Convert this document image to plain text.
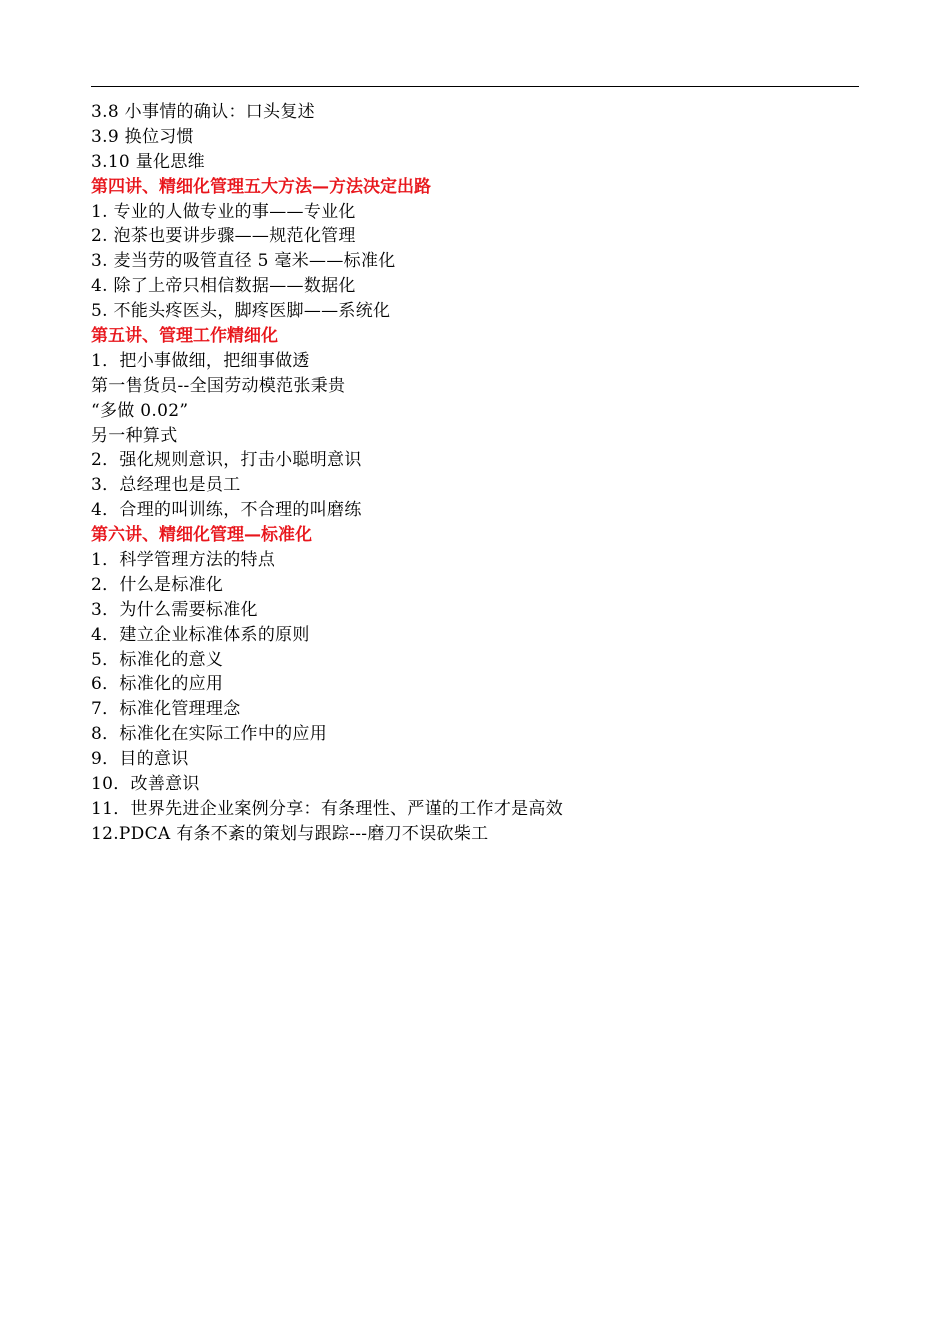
3.8 小事情的确认：口头复述
3.9 换位习惯
3.10 量化思维
第四讲、精细化管理五大方法—方法决定出路
1. 专业的人做专业的事——专业化
2. 泡茶也要讲步骤——规范化管理
3. 麦当劳的吸管直径 5 毫米——标准化
4. 除了上帝只相信数据——数据化
5. 不能头疼医头，脚疼医脚——系统化
第五讲、管理工作精细化
1．把小事做细，把细事做透
第一售货员--全国劳动模范张秉贵
“多做 0.02”
另一种算式
2．强化规则意识，打击小聪明意识
3．总经理也是员工
4．合理的叫训练，不合理的叫磨练
第六讲、精细化管理—标准化
1．科学管理方法的特点
2．什么是标准化
3．为什么需要标准化
4．建立企业标准体系的原则
5．标准化的意义
6．标准化的应用
7．标准化管理理念
8．标准化在实际工作中的应用
9．目的意识
10．改善意识
11．世界先进企业案例分享：有条理性、严谨的工作才是高效
12.PDCA 有条不紊的策划与跟踪---磨刀不误砍柴工
